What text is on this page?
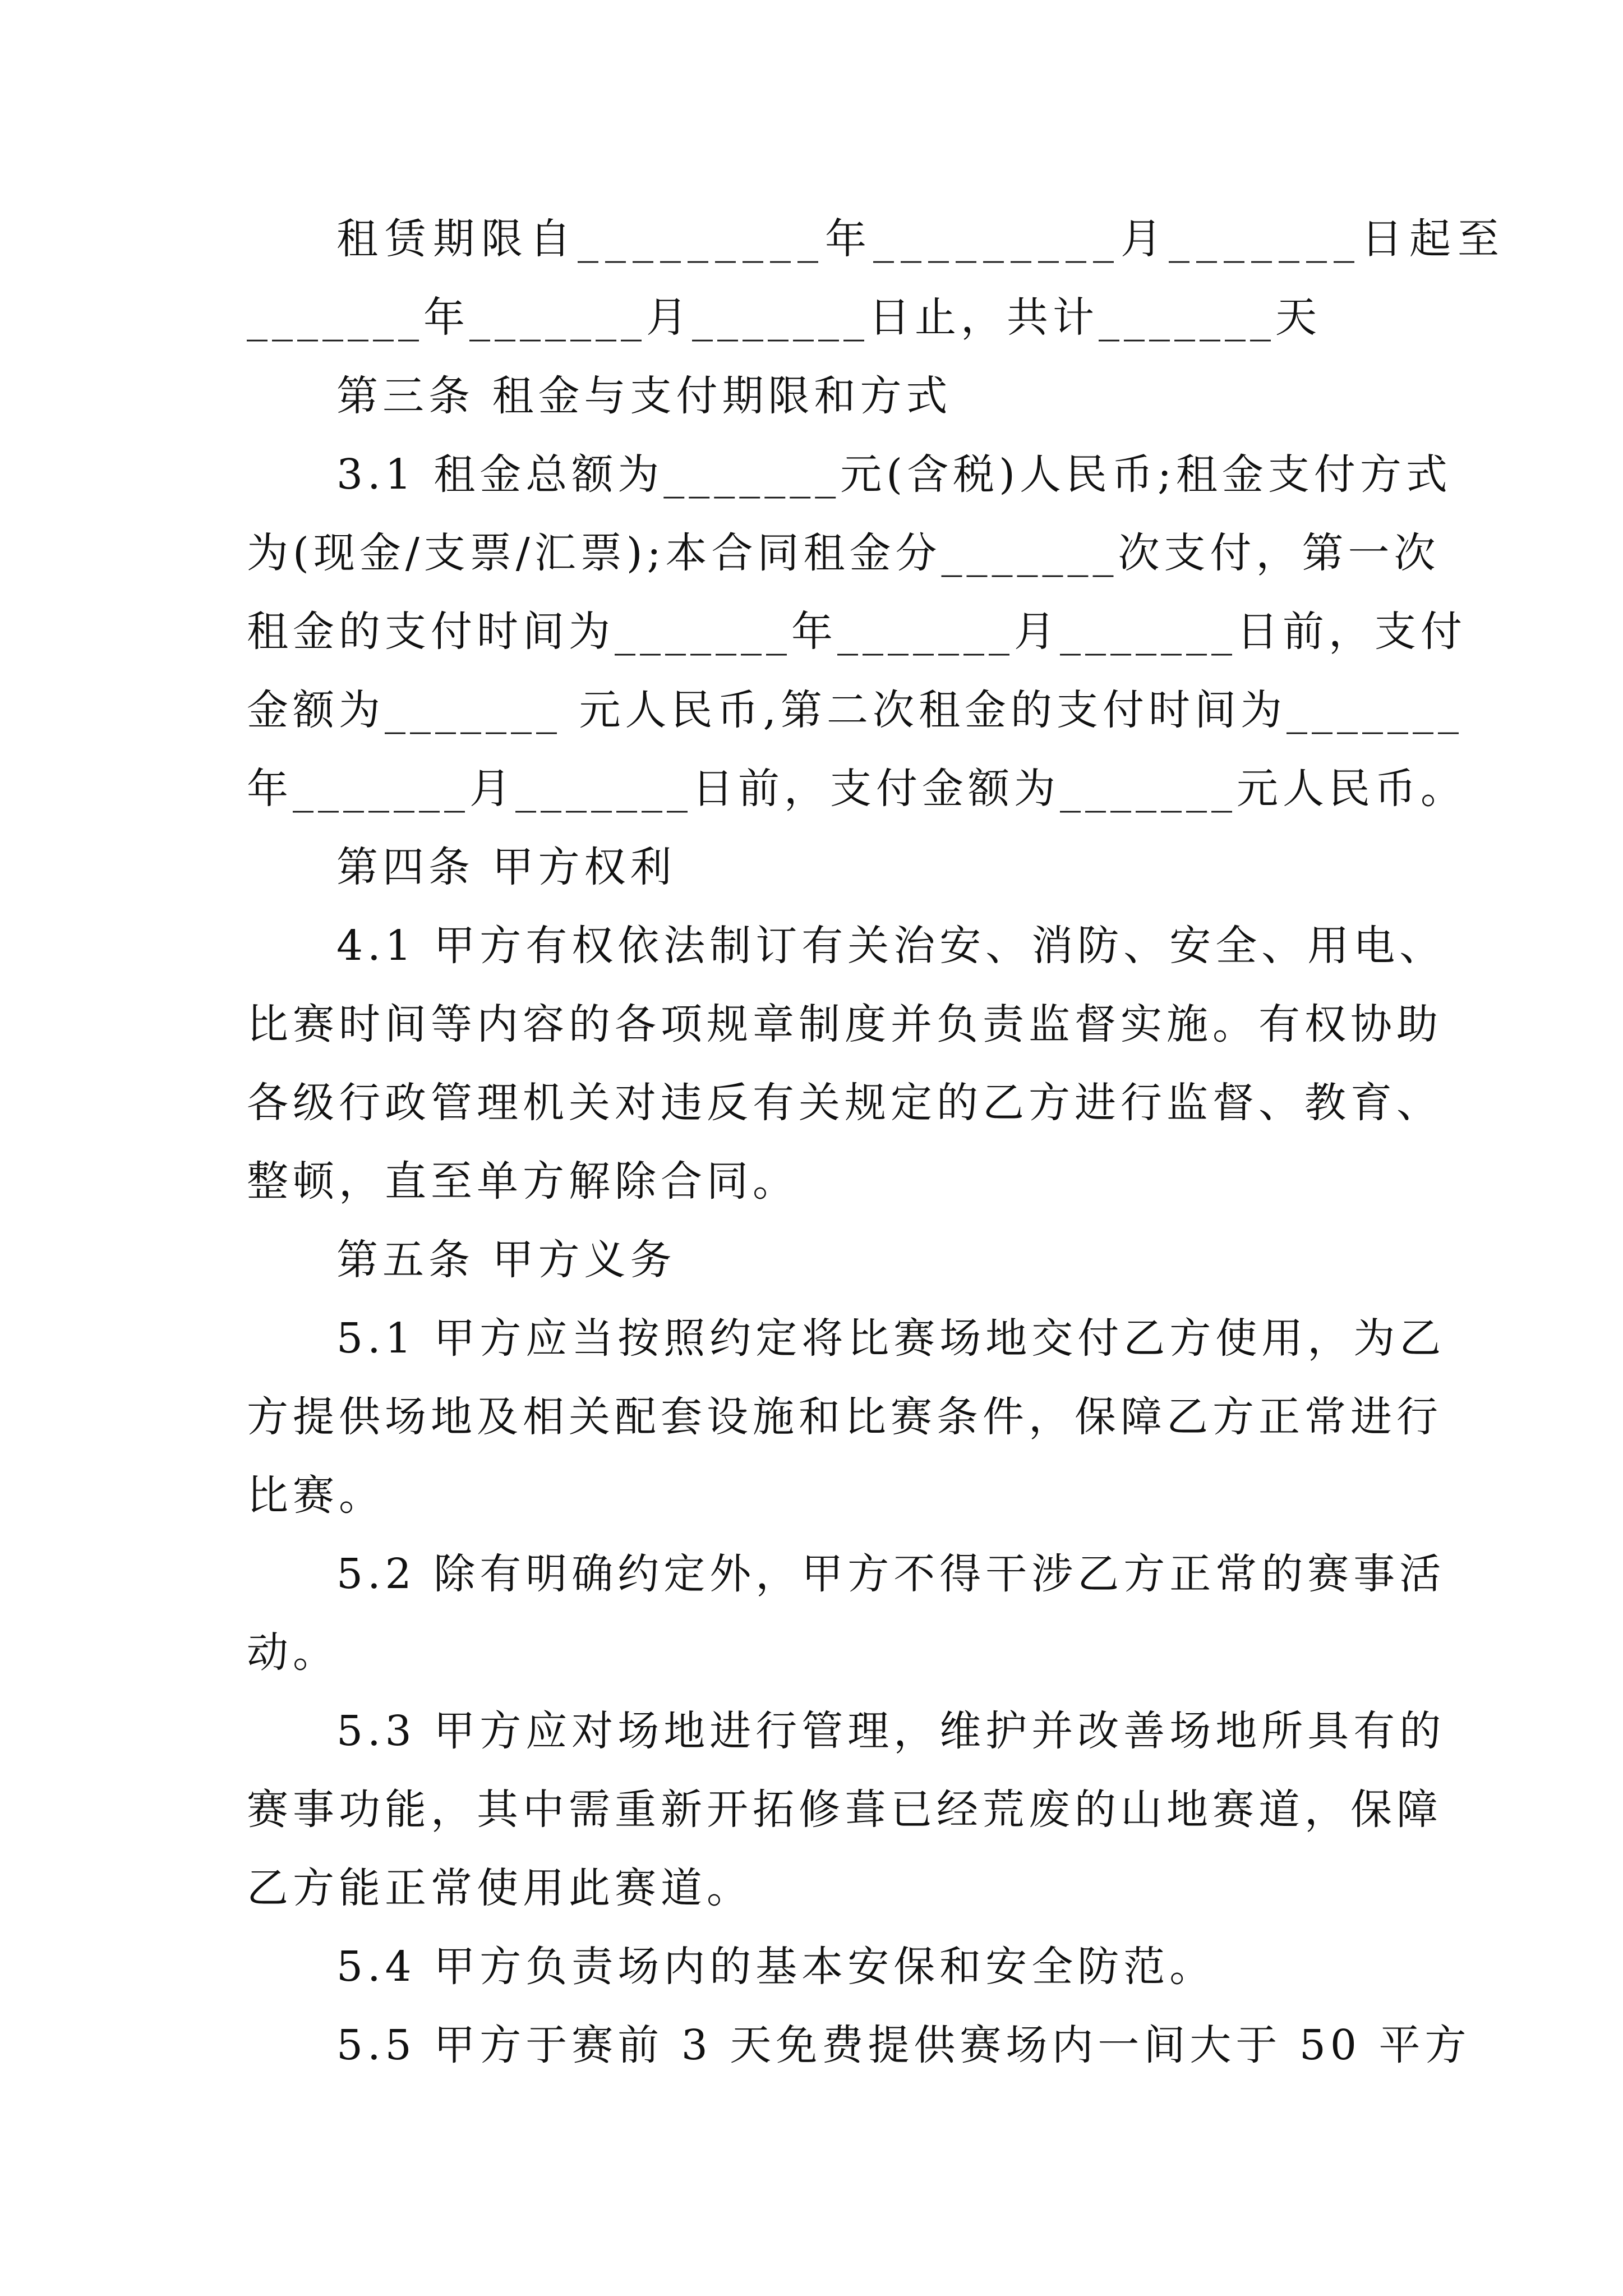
租赁期限自_________年_________月_______日起至
_______年_______月_______日止，共计_______天
第三条 租金与支付期限和方式
3.1 租金总额为_______元(含税)人民币;租金支付方式
为(现金/支票/汇票);本合同租金分_______次支付，第一次
租金的支付时间为_______年_______月_______日前，支付
金额为_______ 元人民币,第二次租金的支付时间为_______
年_______月_______日前，支付金额为_______元人民币。
第四条 甲方权利
4.1 甲方有权依法制订有关治安、消防、安全、用电、
比赛时间等内容的各项规章制度并负责监督实施。有权协助
各级行政管理机关对违反有关规定的乙方进行监督、教育、
整顿，直至单方解除合同。
第五条 甲方义务
5.1 甲方应当按照约定将比赛场地交付乙方使用，为乙
方提供场地及相关配套设施和比赛条件，保障乙方正常进行
比赛。
5.2 除有明确约定外，甲方不得干涉乙方正常的赛事活
动。
5.3 甲方应对场地进行管理，维护并改善场地所具有的
赛事功能，其中需重新开拓修葺已经荒废的山地赛道，保障
乙方能正常使用此赛道。
5.4 甲方负责场内的基本安保和安全防范。
5.5 甲方于赛前 3 天免费提供赛场内一间大于 50 平方
